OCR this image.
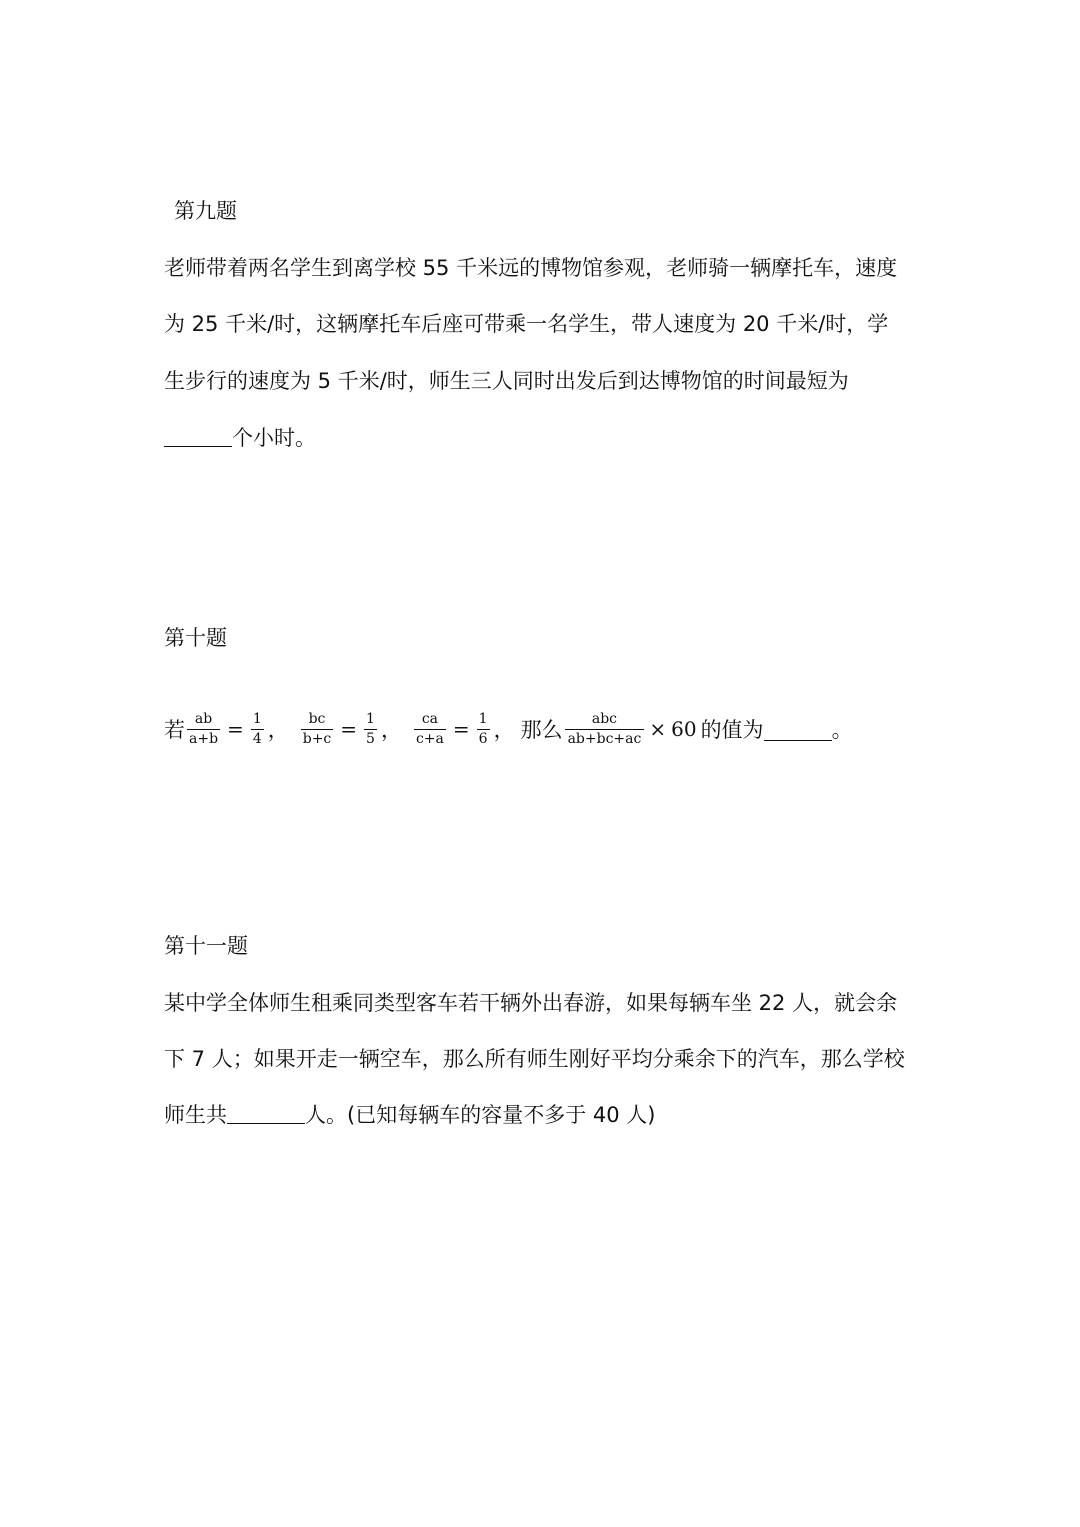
第九题
老师带着两名学生到离学校 55 千米远的博物馆参观，老师骑一辆摩托车，速度
为 25 千米/时，这辆摩托车后座可带乘一名学生，带人速度为 20 千米/时，学
生步行的速度为 5 千米/时，师生三人同时出发后到达博物馆的时间最短为
个小时。
第十题
若 $\frac{ab}{a+b} = \frac{1}{4}$ ， $\frac{bc}{b+c} = \frac{1}{5}$ ， $\frac{ca}{c+a} = \frac{1}{6}$ ， 那么 $\frac{\text{abc}}{ab+bc+ac} \times 60$ 的值为	。
第十一题
某中学全体师生租乘同类型客车若干辆外出春游，如果每辆车坐 22 人，就会余
下 7 人；如果开走一辆空车，那么所有师生刚好平均分乘余下的汽车，那么学校
师生共	人。(已知每辆车的容量不多于 40 人)
